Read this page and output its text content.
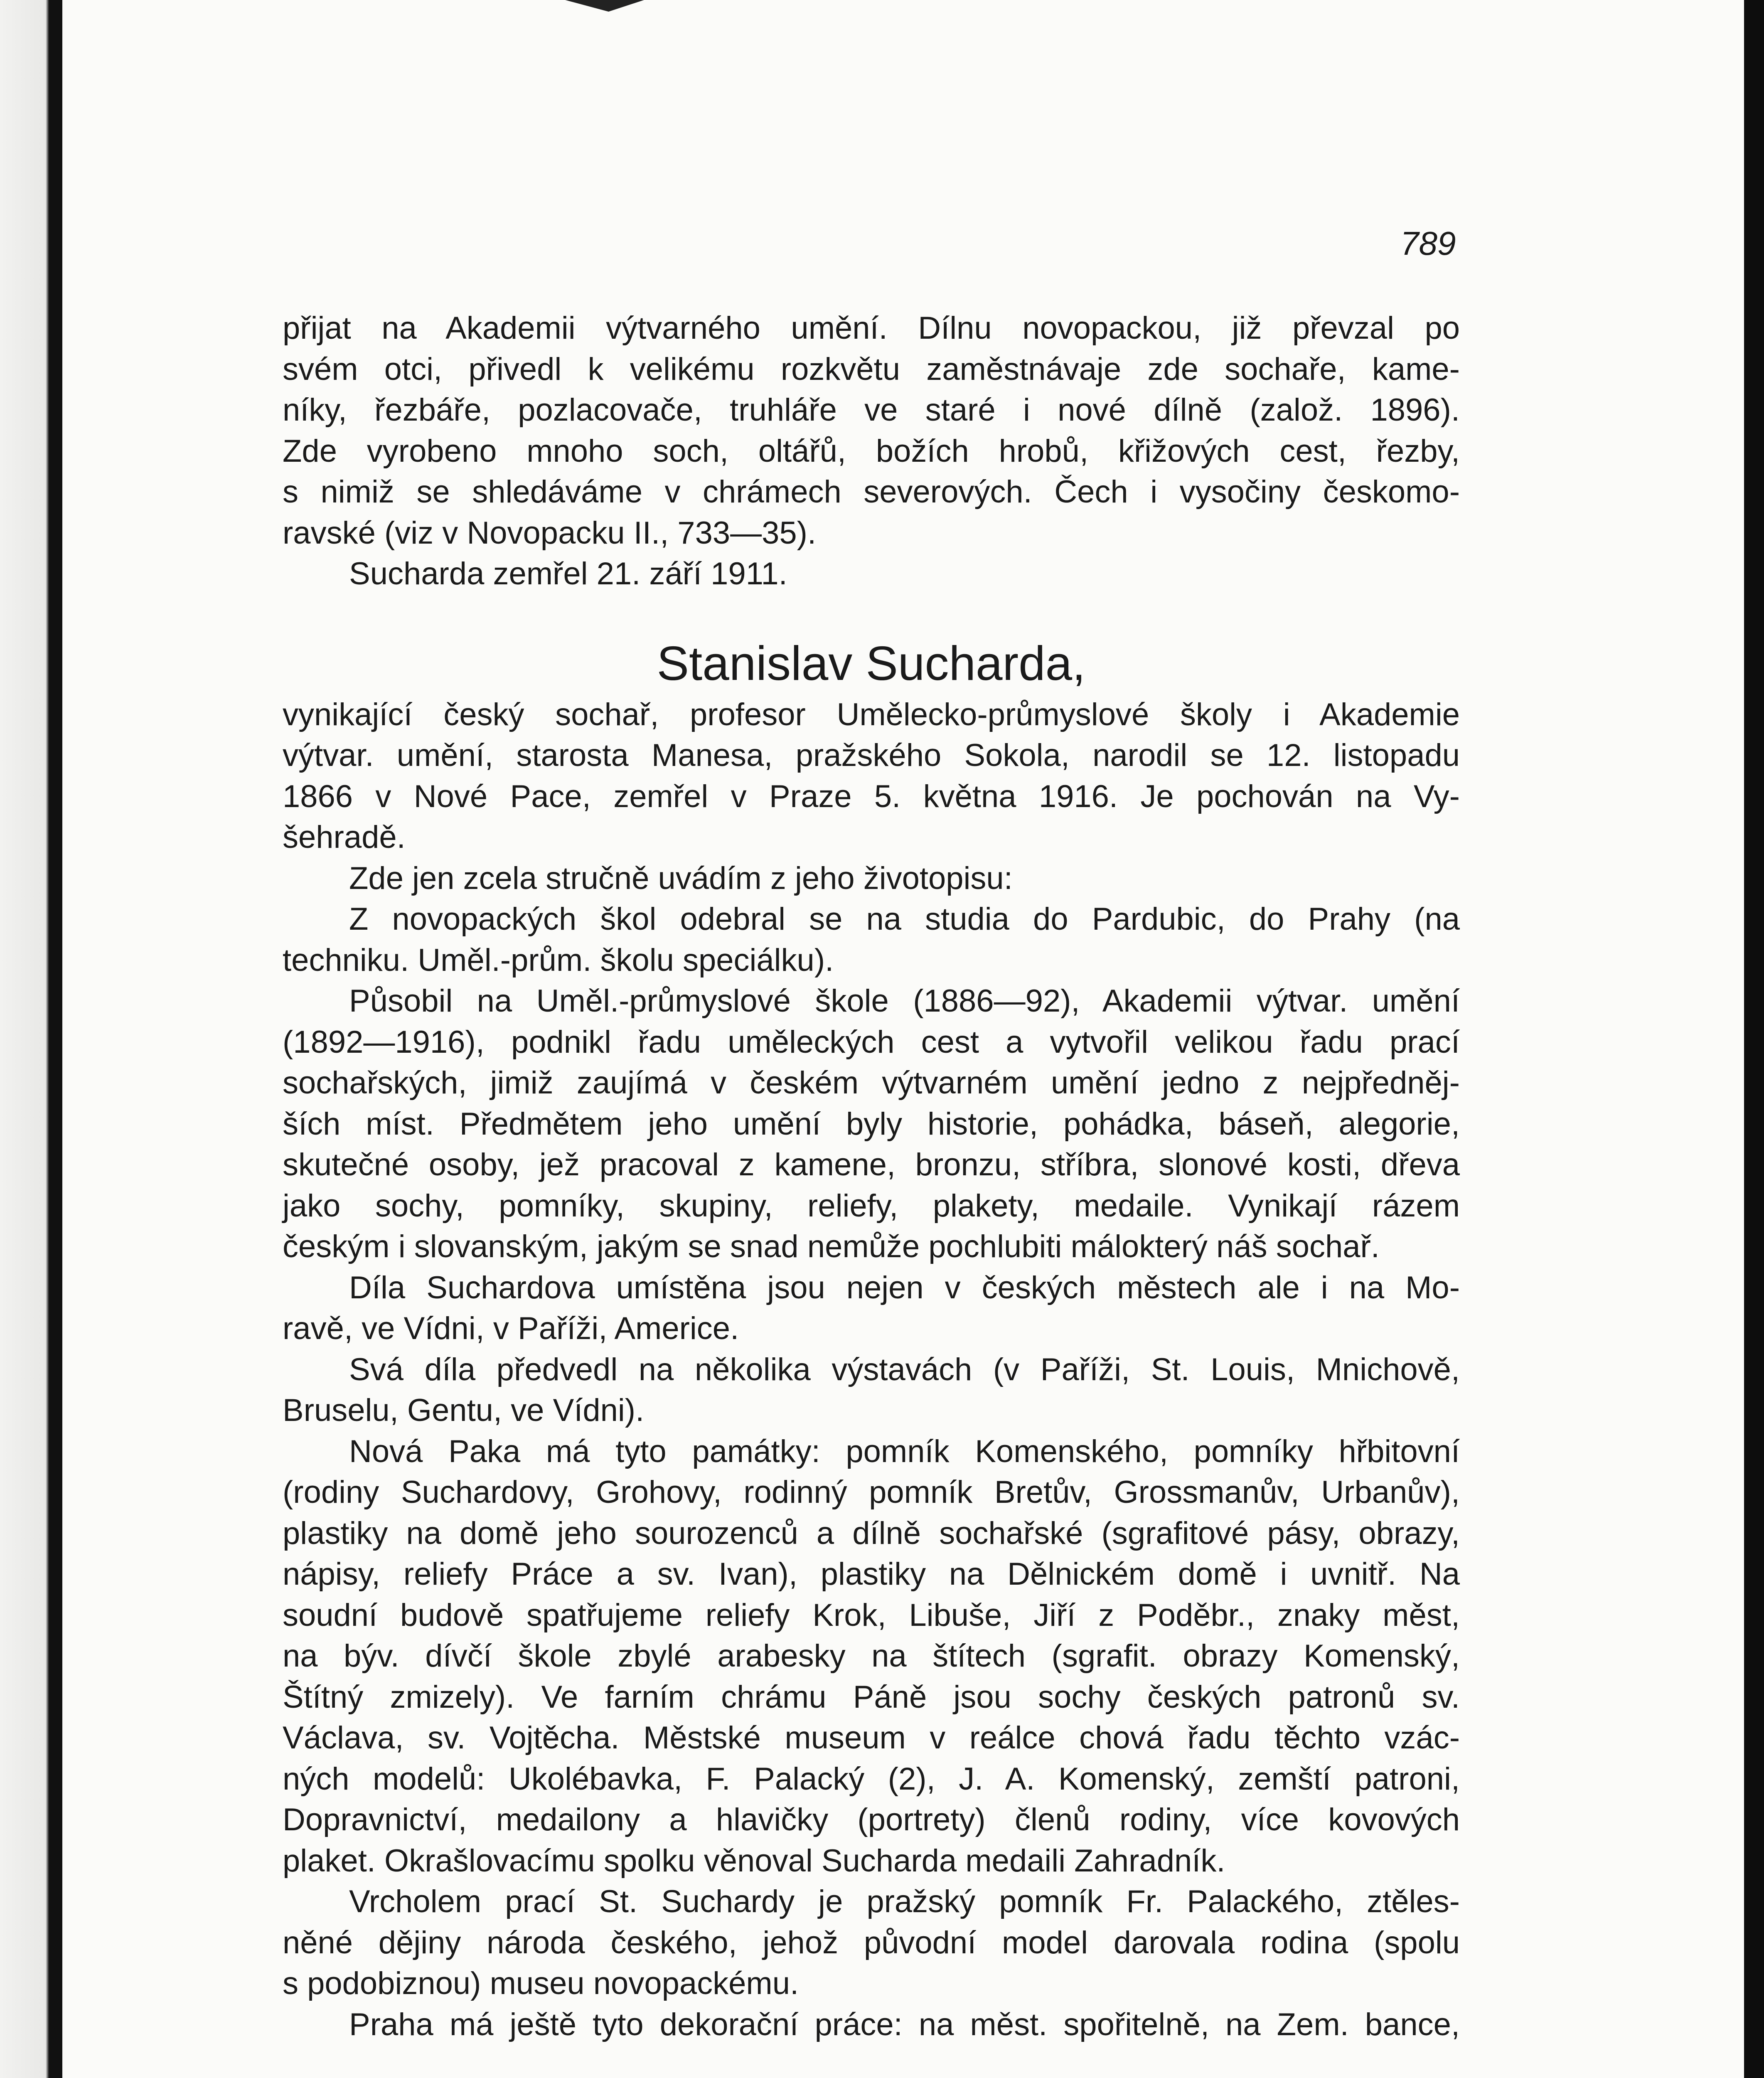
789
přijat na Akademii výtvarného umění. Dílnu novopackou, již převzal po
svém otci, přivedl k velikému rozkvětu zaměstnávaje zde sochaře, kame-
níky, řezbáře, pozlacovače, truhláře ve staré i nové dílně (založ. 1896).
Zde vyrobeno mnoho soch, oltářů, božích hrobů, křižových cest, řezby,
s nimiž se shledáváme v chrámech severových. Čech i vysočiny českomo-
ravské (viz v Novopacku II., 733—35).
Sucharda zemřel 21. září 1911.
Stanislav Sucharda,
vynikající český sochař, profesor Umělecko-průmyslové školy i Akademie
výtvar. umění, starosta Manesa, pražského Sokola, narodil se 12. listopadu
1866 v Nové Pace, zemřel v Praze 5. května 1916. Je pochován na Vy-
šehradě.
Zde jen zcela stručně uvádím z jeho životopisu:
Z novopackých škol odebral se na studia do Pardubic, do Prahy (na
techniku. Uměl.-prům. školu speciálku).
Působil na Uměl.-průmyslové škole (1886—92), Akademii výtvar. umění
(1892—1916), podnikl řadu uměleckých cest a vytvořil velikou řadu prací
sochařských, jimiž zaujímá v českém výtvarném umění jedno z nejpředněj-
ších míst. Předmětem jeho umění byly historie, pohádka, báseň, alegorie,
skutečné osoby, jež pracoval z kamene, bronzu, stříbra, slonové kosti, dřeva
jako sochy, pomníky, skupiny, reliefy, plakety, medaile. Vynikají rázem
českým i slovanským, jakým se snad nemůže pochlubiti málokterý náš sochař.
Díla Suchardova umístěna jsou nejen v českých městech ale i na Mo-
ravě, ve Vídni, v Paříži, Americe.
Svá díla předvedl na několika výstavách (v Paříži, St. Louis, Mnichově,
Bruselu, Gentu, ve Vídni).
Nová Paka má tyto památky: pomník Komenského, pomníky hřbitovní
(rodiny Suchardovy, Grohovy, rodinný pomník Bretův, Grossmanův, Urbanův),
plastiky na domě jeho sourozenců a dílně sochařské (sgrafitové pásy, obrazy,
nápisy, reliefy Práce a sv. Ivan), plastiky na Dělnickém domě i uvnitř. Na
soudní budově spatřujeme reliefy Krok, Libuše, Jiří z Poděbr., znaky měst,
na býv. dívčí škole zbylé arabesky na štítech (sgrafit. obrazy Komenský,
Štítný zmizely). Ve farním chrámu Páně jsou sochy českých patronů sv.
Václava, sv. Vojtěcha. Městské museum v reálce chová řadu těchto vzác-
ných modelů: Ukolébavka, F. Palacký (2), J. A. Komenský, zemští patroni,
Dopravnictví, medailony a hlavičky (portrety) členů rodiny, více kovových
plaket. Okrašlovacímu spolku věnoval Sucharda medaili Zahradník.
Vrcholem prací St. Suchardy je pražský pomník Fr. Palackého, ztěles-
něné dějiny národa českého, jehož původní model darovala rodina (spolu
s podobiznou) museu novopackému.
Praha má ještě tyto dekorační práce: na měst. spořitelně, na Zem. bance,
